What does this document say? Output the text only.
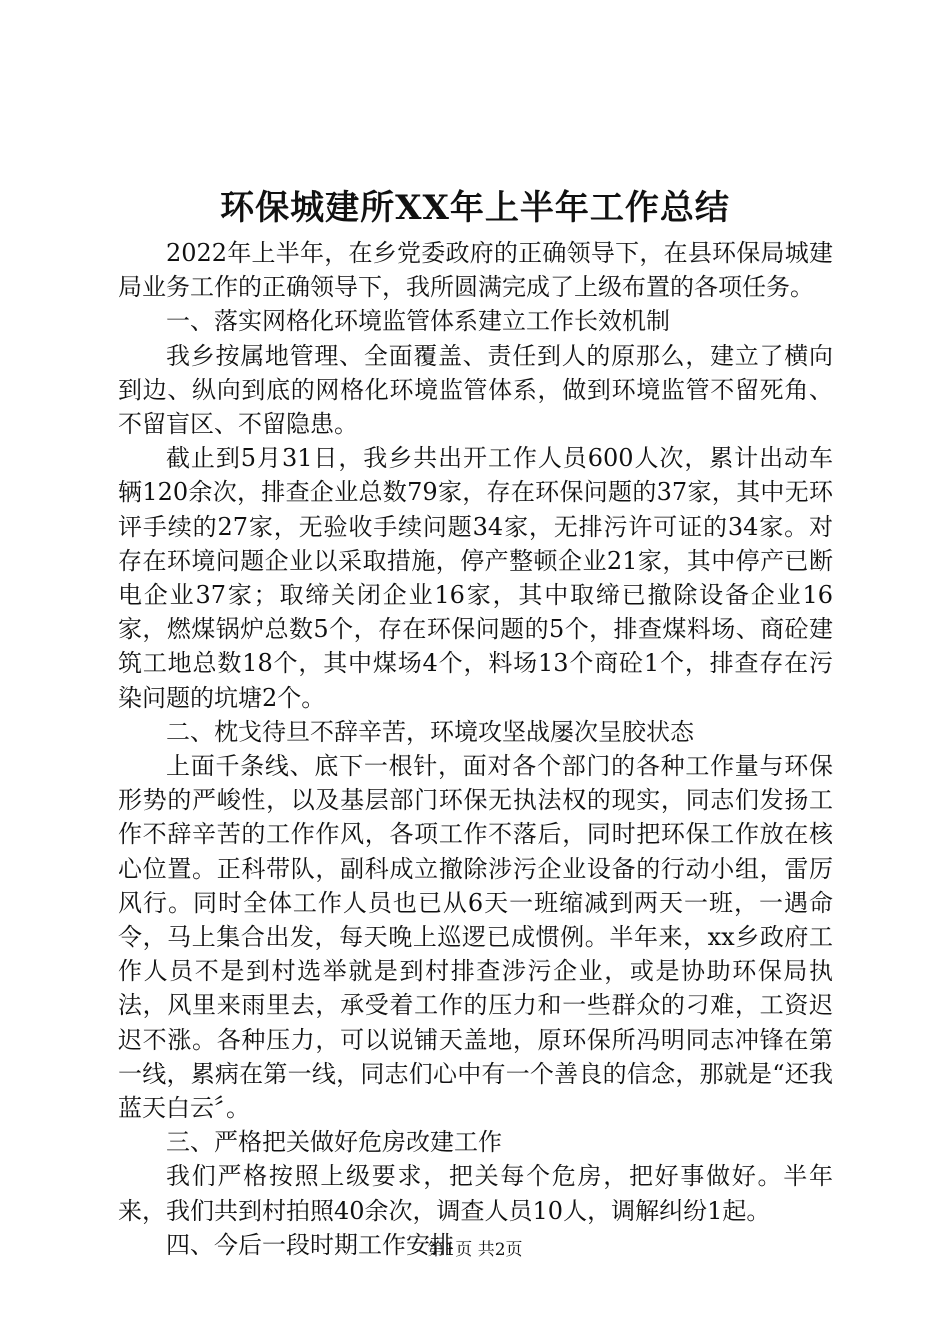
环保城建所XX年上半年工作总结

2022年上半年，在乡党委政府的正确领导下，在县环保局城建局业务工作的正确领导下，我所圆满完成了上级布置的各项任务。

一、落实网格化环境监管体系建立工作长效机制

我乡按属地管理、全面覆盖、责任到人的原那么，建立了横向到边、纵向到底的网格化环境监管体系，做到环境监管不留死角、不留盲区、不留隐患。

截止到5月31日，我乡共出开工作人员600人次，累计出动车辆120余次，排查企业总数79家，存在环保问题的37家，其中无环评手续的27家，无验收手续问题34家，无排污许可证的34家。对存在环境问题企业以采取措施，停产整顿企业21家，其中停产已断电企业37家；取缔关闭企业16家，其中取缔已撤除设备企业16家，燃煤锅炉总数5个，存在环保问题的5个，排查煤料场、商砼建筑工地总数18个，其中煤场4个，料场13个商砼1个，排查存在污染问题的坑塘2个。

二、枕戈待旦不辞辛苦，环境攻坚战屡次呈胶状态

上面千条线、底下一根针，面对各个部门的各种工作量与环保形势的严峻性，以及基层部门环保无执法权的现实，同志们发扬工作不辞辛苦的工作作风，各项工作不落后，同时把环保工作放在核心位置。正科带队，副科成立撤除涉污企业设备的行动小组，雷厉风行。同时全体工作人员也已从6天一班缩减到两天一班，一遇命令，马上集合出发，每天晚上巡逻已成惯例。半年来，xx乡政府工作人员不是到村选举就是到村排查涉污企业，或是协助环保局执法，风里来雨里去，承受着工作的压力和一些群众的刁难，工资迟迟不涨。各种压力，可以说铺天盖地，原环保所冯明同志冲锋在第一线，累病在第一线，同志们心中有一个善良的信念，那就是“还我蓝天白云〞。

三、严格把关做好危房改建工作

我们严格按照上级要求，把关每个危房，把好事做好。半年来，我们共到村拍照40余次，调查人员10人，调解纠纷1起。

四、今后一段时期工作安排

第1页 共2页
